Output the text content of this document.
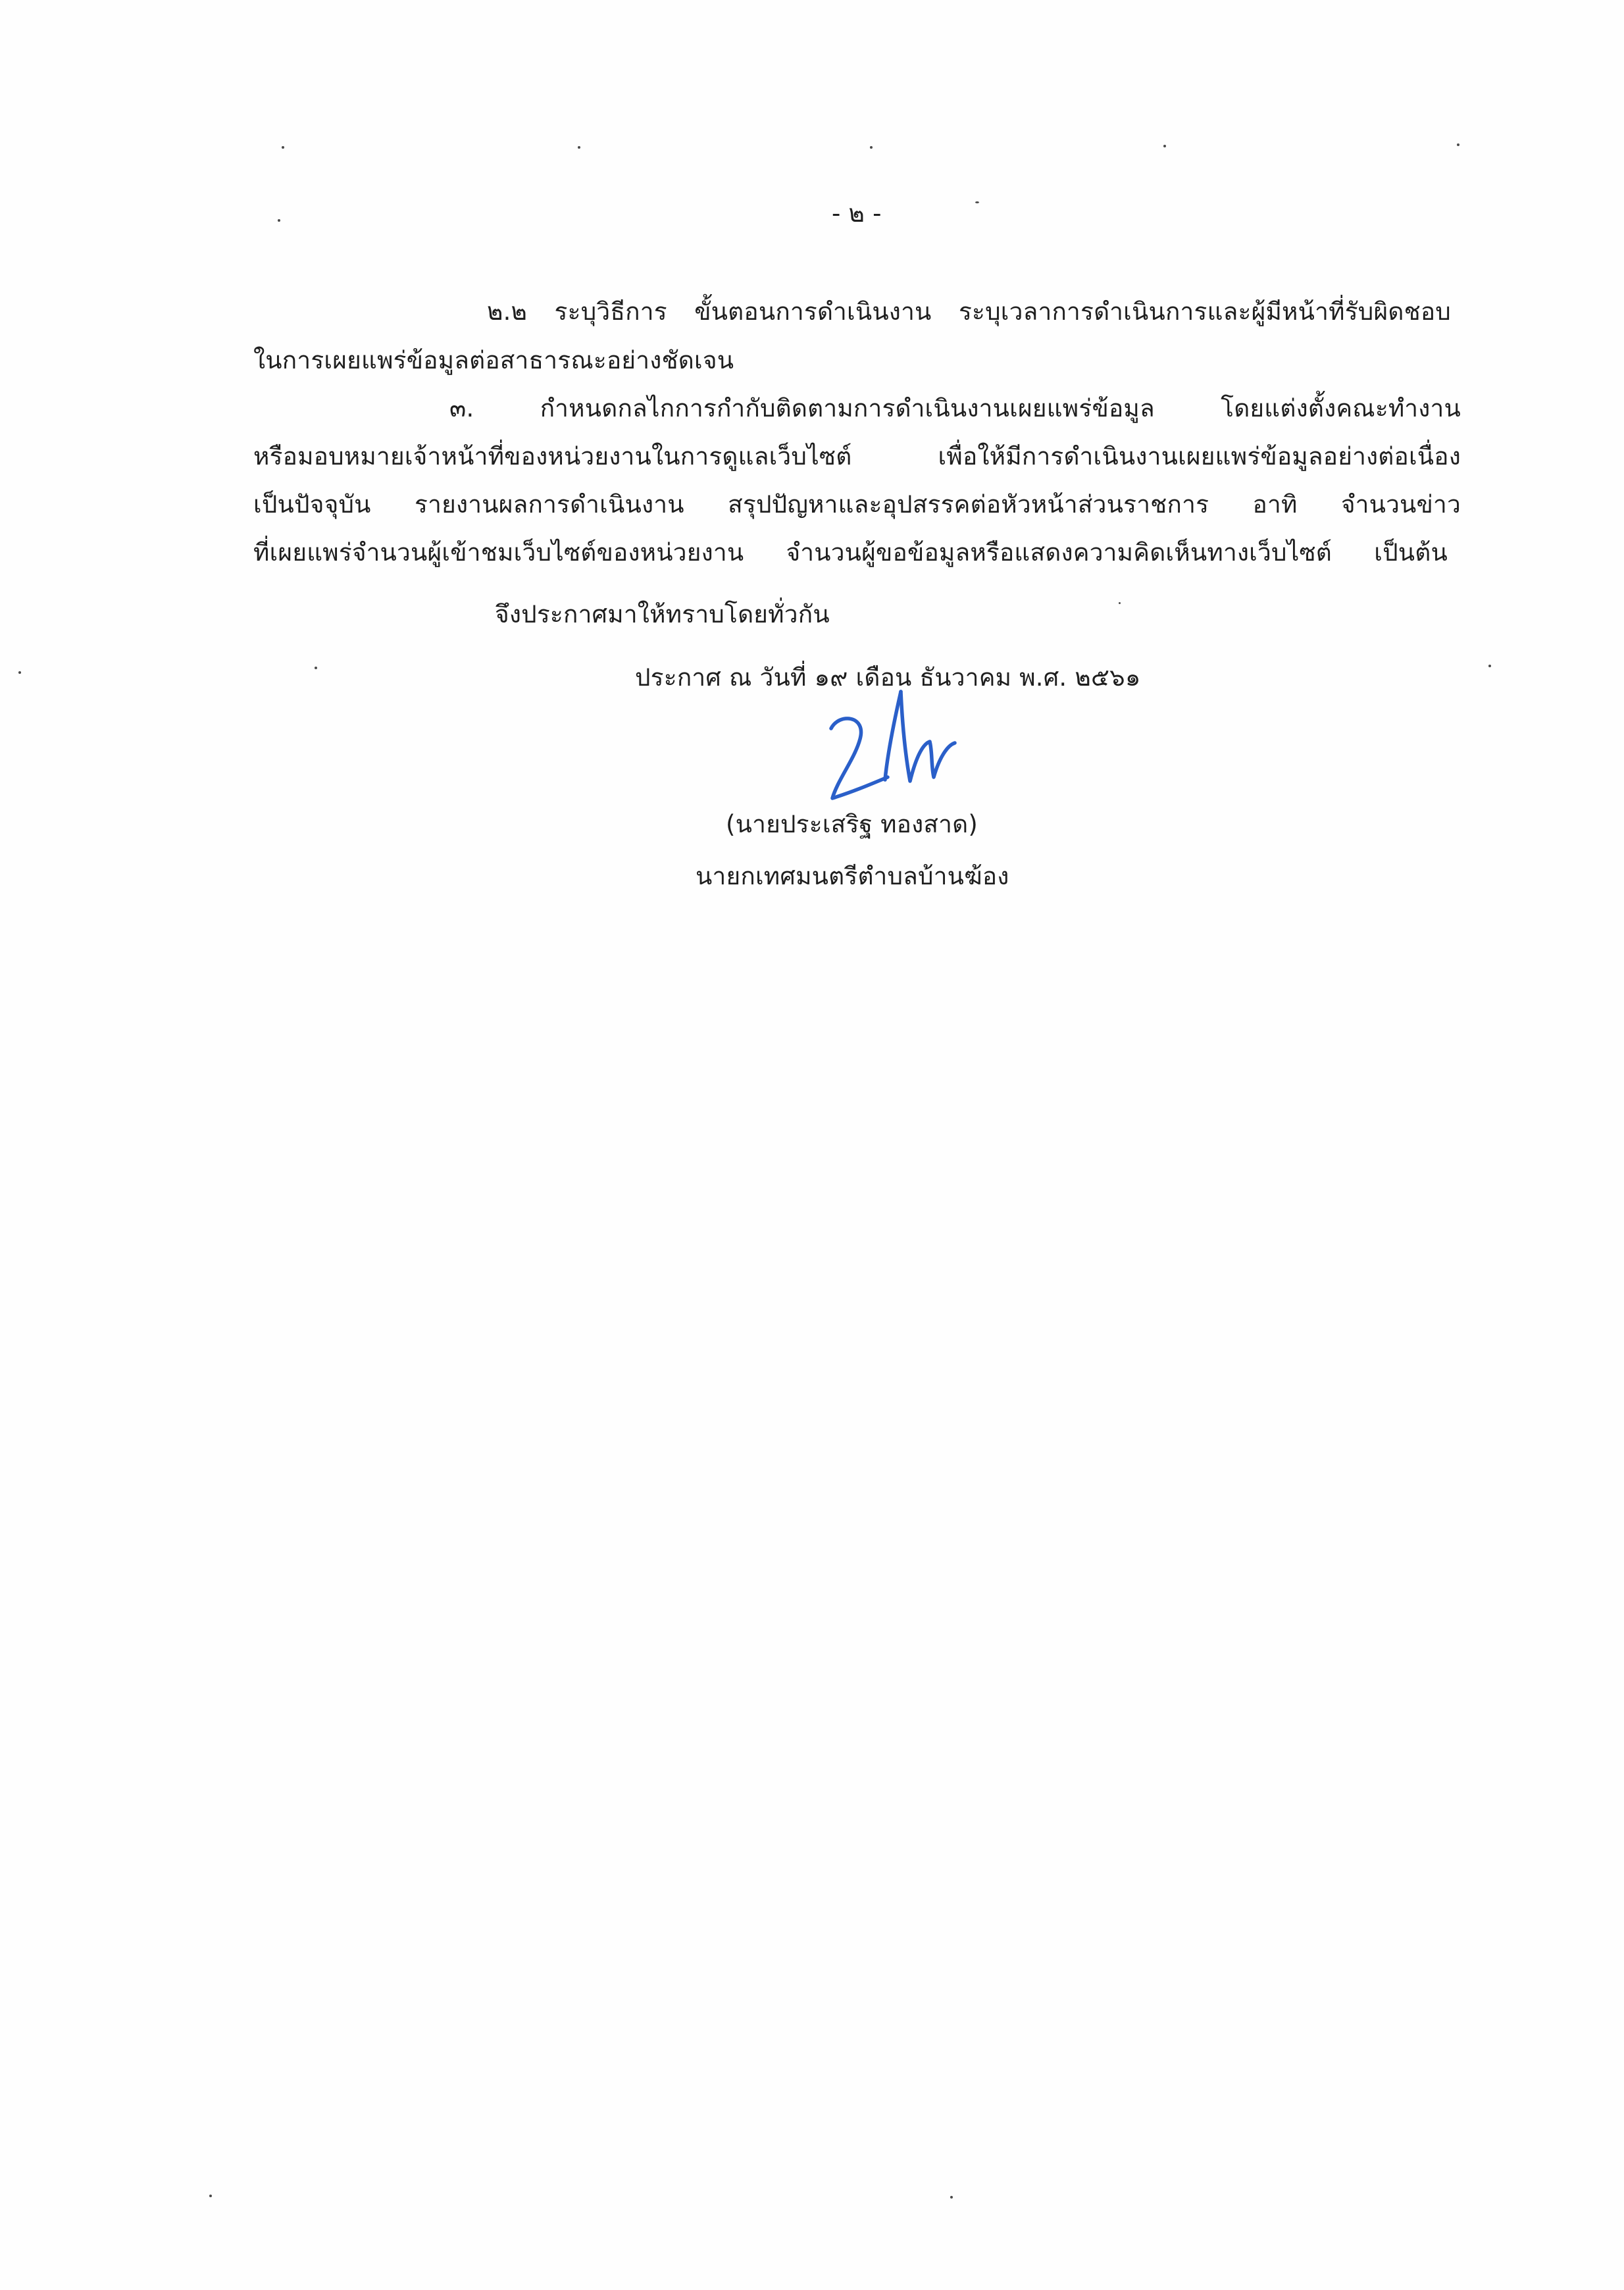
- ๒ -
๒.๒ ระบุวิธีการ ขั้นตอนการดำเนินงาน ระบุเวลาการดำเนินการและผู้มีหน้าที่รับผิดชอบ
ในการเผยแพร่ข้อมูลต่อสาธารณะอย่างชัดเจน
๓. กำหนดกลไกการกำกับติดตามการดำเนินงานเผยแพร่ข้อมูล โดยแต่งตั้งคณะทำงาน
หรือมอบหมายเจ้าหน้าที่ของหน่วยงานในการดูแลเว็บไซต์ เพื่อให้มีการดำเนินงานเผยแพร่ข้อมูลอย่างต่อเนื่อง
เป็นปัจจุบัน รายงานผลการดำเนินงาน สรุปปัญหาและอุปสรรคต่อหัวหน้าส่วนราชการ อาทิ จำนวนข่าว
ที่เผยแพร่จำนวนผู้เข้าชมเว็บไซต์ของหน่วยงาน จำนวนผู้ขอข้อมูลหรือแสดงความคิดเห็นทางเว็บไซต์ เป็นต้น
จึงประกาศมาให้ทราบโดยทั่วกัน
ประกาศ ณ วันที่ ๑๙ เดือน ธันวาคม พ.ศ. ๒๕๖๑
(นายประเสริฐ ทองสาด)
นายกเทศมนตรีตำบลบ้านฆ้อง
